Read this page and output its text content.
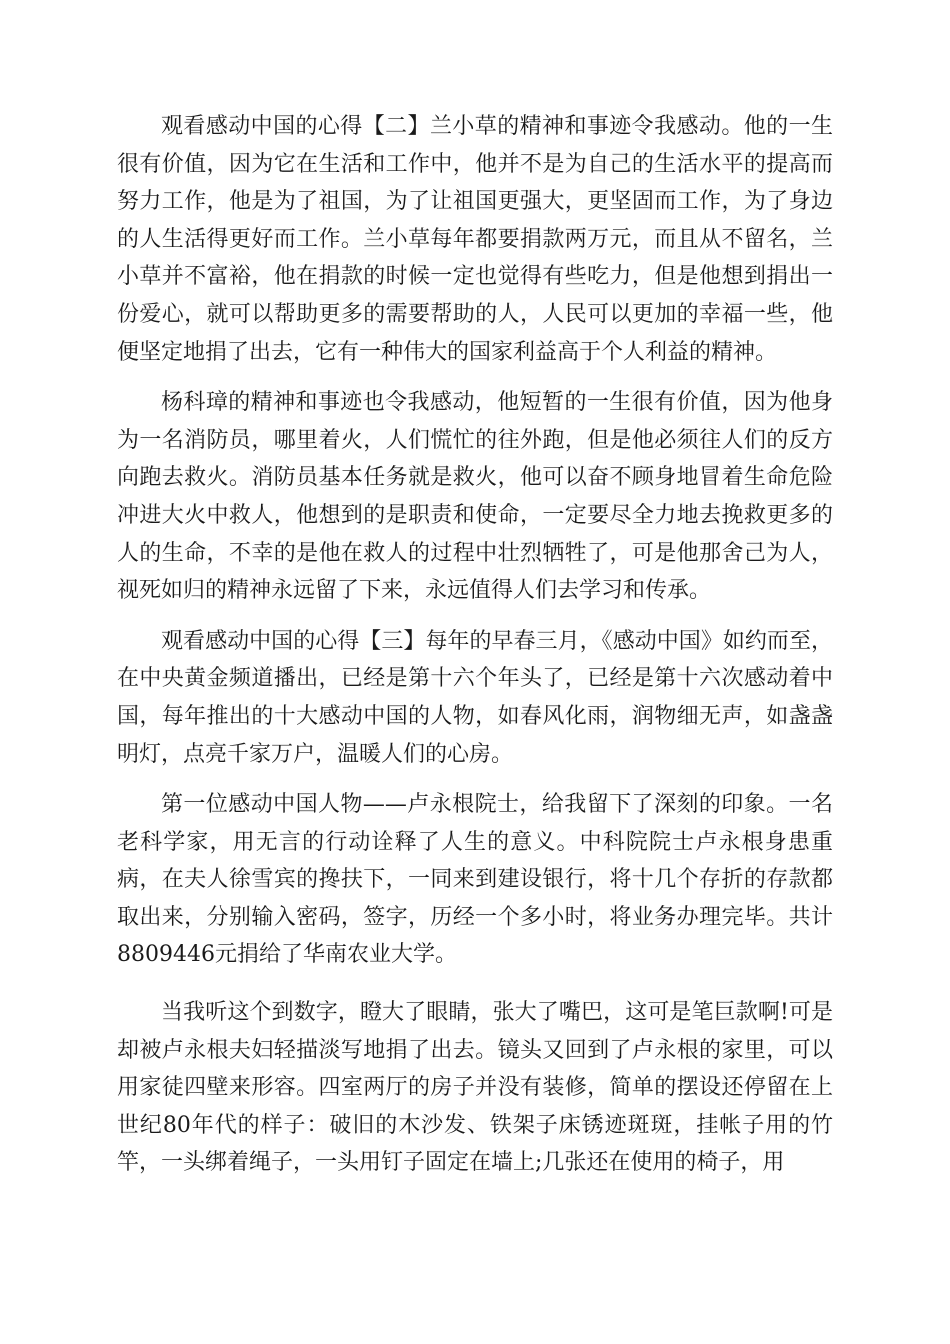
观看感动中国的心得【二】兰小草的精神和事迹令我感动。他的一生很有价值，因为它在生活和工作中，他并不是为自己的生活水平的提高而努力工作，他是为了祖国，为了让祖国更强大，更坚固而工作，为了身边的人生活得更好而工作。兰小草每年都要捐款两万元，而且从不留名，兰小草并不富裕，他在捐款的时候一定也觉得有些吃力，但是他想到捐出一份爱心，就可以帮助更多的需要帮助的人，人民可以更加的幸福一些，他便坚定地捐了出去，它有一种伟大的国家利益高于个人利益的精神。

杨科璋的精神和事迹也令我感动，他短暂的一生很有价值，因为他身为一名消防员，哪里着火，人们慌忙的往外跑，但是他必须往人们的反方向跑去救火。消防员基本任务就是救火，他可以奋不顾身地冒着生命危险冲进大火中救人，他想到的是职责和使命，一定要尽全力地去挽救更多的人的生命，不幸的是他在救人的过程中壮烈牺牲了，可是他那舍己为人，视死如归的精神永远留了下来，永远值得人们去学习和传承。

观看感动中国的心得【三】每年的早春三月，《感动中国》如约而至，在中央黄金频道播出，已经是第十六个年头了，已经是第十六次感动着中国，每年推出的十大感动中国的人物，如春风化雨，润物细无声，如盏盏明灯，点亮千家万户，温暖人们的心房。

第一位感动中国人物——卢永根院士，给我留下了深刻的印象。一名老科学家，用无言的行动诠释了人生的意义。中科院院士卢永根身患重病，在夫人徐雪宾的搀扶下，一同来到建设银行，将十几个存折的存款都取出来，分别输入密码，签字，历经一个多小时，将业务办理完毕。共计8809446元捐给了华南农业大学。

当我听这个到数字，瞪大了眼睛，张大了嘴巴，这可是笔巨款啊!可是却被卢永根夫妇轻描淡写地捐了出去。镜头又回到了卢永根的家里，可以用家徒四壁来形容。四室两厅的房子并没有装修，简单的摆设还停留在上世纪80年代的样子：破旧的木沙发、铁架子床锈迹斑斑，挂帐子用的竹竿，一头绑着绳子，一头用钉子固定在墙上;几张还在使用的椅子，用
